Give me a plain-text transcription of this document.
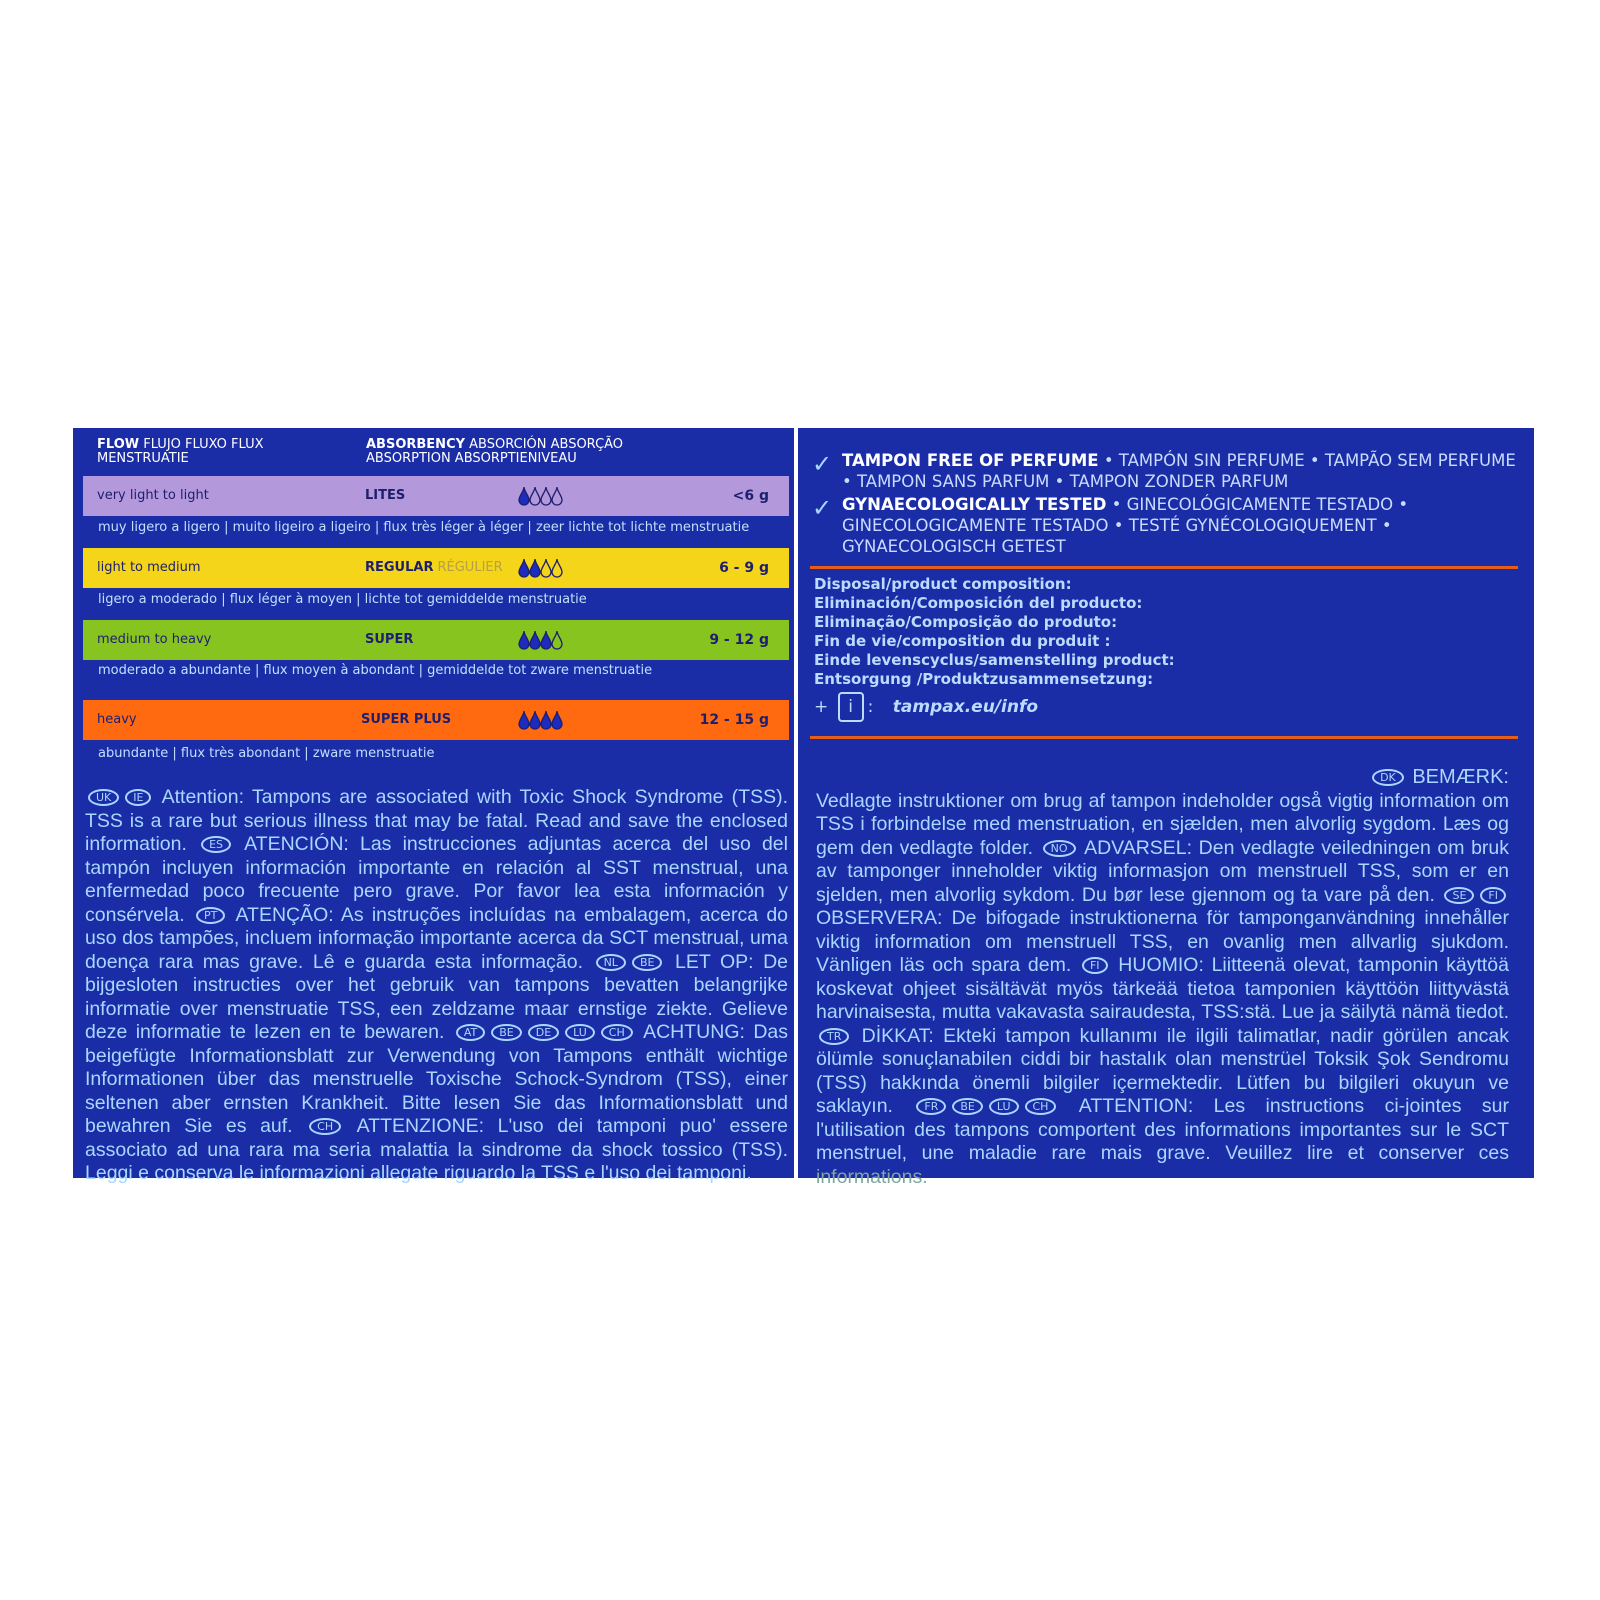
FLOW FLUJO FLUXO FLUX
MENSTRUATIE
ABSORBENCY ABSORCIÓN ABSORÇÃO
ABSORPTION ABSORPTIENIVEAU
very light to light	LITES	<6 g
muy ligero a ligero | muito ligeiro a ligeiro | flux très léger à léger | zeer lichte tot lichte menstruatie
light to medium	REGULAR RÉGULIER	6 - 9 g
ligero a moderado | flux léger à moyen | lichte tot gemiddelde menstruatie
medium to heavy	SUPER	9 - 12 g
moderado a abundante | flux moyen à abondant | gemiddelde tot zware menstruatie
heavy	SUPER PLUS	12 - 15 g
abundante | flux très abondant | zware menstruatie
UK IE Attention: Tampons are associated with Toxic Shock Syndrome (TSS). TSS is a rare but serious illness that may be fatal. Read and save the enclosed information. ES ATENCIÓN: Las instrucciones adjuntas acerca del uso del tampón incluyen información importante en relación al SST menstrual, una enfermedad poco frecuente pero grave. Por favor lea esta información y consérvela. PT ATENÇÃO: As instruções incluídas na embalagem, acerca do uso dos tampões, incluem informação importante acerca da SCT menstrual, uma doença rara mas grave. Lê e guarda esta informação. NL BE LET OP: De bijgesloten instructies over het gebruik van tampons bevatten belangrijke informatie over menstruatie TSS, een zeldzame maar ernstige ziekte. Gelieve deze informatie te lezen en te bewaren. AT BE DE LU CH ACHTUNG: Das beigefügte Informationsblatt zur Verwendung von Tampons enthält wichtige Informationen über das menstruelle Toxische Schock-Syndrom (TSS), einer seltenen aber ernsten Krankheit. Bitte lesen Sie das Informationsblatt und bewahren Sie es auf. CH ATTENZIONE: L'uso dei tamponi puo' essere associato ad una rara ma seria malattia la sindrome da shock tossico (TSS). Leggi e conserva le informazioni allegate riguardo la TSS e l'uso dei tamponi.
✓ TAMPON FREE OF PERFUME • TAMPÓN SIN PERFUME • TAMPÃO SEM PERFUME • TAMPON SANS PARFUM • TAMPON ZONDER PARFUM
✓ GYNAECOLOGICALLY TESTED • GINECOLÓGICAMENTE TESTADO • GINECOLOGICAMENTE TESTADO • TESTÉ GYNÉCOLOGIQUEMENT • GYNAECOLOGISCH GETEST
Disposal/product composition:
Eliminación/Composición del producto:
Eliminação/Composição do produto:
Fin de vie/composition du produit :
Einde levenscyclus/samenstelling product:
Entsorgung /Produktzusammensetzung:
+ i : tampax.eu/info
DK BEMÆRK:
Vedlagte instruktioner om brug af tampon indeholder også vigtig information om TSS i forbindelse med menstruation, en sjælden, men alvorlig sygdom. Læs og gem den vedlagte folder. NO ADVARSEL: Den vedlagte veiledningen om bruk av tamponger inneholder viktig informasjon om menstruell TSS, som er en sjelden, men alvorlig sykdom. Du bør lese gjennom og ta vare på den. SE FI OBSERVERA: De bifogade instruktionerna för tamponganvändning innehåller viktig information om menstruell TSS, en ovanlig men allvarlig sjukdom. Vänligen läs och spara dem. FI HUOMIO: Liitteenä olevat, tamponin käyttöä koskevat ohjeet sisältävät myös tärkeää tietoa tamponien käyttöön liittyvästä harvinaisesta, mutta vakavasta sairaudesta, TSS:stä. Lue ja säilytä nämä tiedot. TR DİKKAT: Ekteki tampon kullanımı ile ilgili talimatlar, nadir görülen ancak ölümle sonuçlanabilen ciddi bir hastalık olan menstrüel Toksik Şok Sendromu (TSS) hakkında önemli bilgiler içermektedir. Lütfen bu bilgileri okuyun ve saklayın.	FR BE LU CH ATTENTION: Les instructions ci-jointes sur l'utilisation des tampons comportent des informations importantes sur le SCT menstruel, une maladie rare mais grave. Veuillez lire et conserver ces informations.
